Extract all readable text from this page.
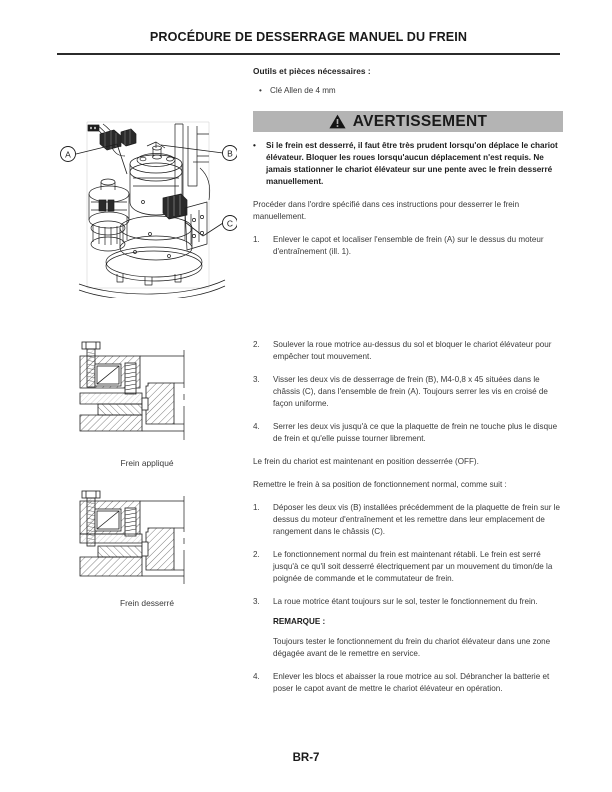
PROCÉDURE DE DESSERRAGE MANUEL DU FREIN
A	B
C
Frein appliqué
Frein desserré
Outils et pièces nécessaires :
•	Clé Allen de 4 mm
AVERTISSEMENT
•	Si le frein est desserré, il faut être très prudent lorsqu'on déplace le chariot élévateur. Bloquer les roues lorsqu'aucun déplacement n'est requis. Ne jamais stationner le chariot élévateur sur une pente avec le frein desserré manuellement.
Procéder dans l'ordre spécifié dans ces instructions pour desserrer le frein manuellement.
1.	Enlever le capot et localiser l'ensemble de frein (A) sur le dessus du moteur d'entraînement (ill. 1).
2.	Soulever la roue motrice au-dessus du sol et bloquer le chariot élévateur pour empêcher tout mouvement.
3.	Visser les deux vis de desserrage de frein (B), M4-0,8 x 45 situées dans le châssis (C), dans l'ensemble de frein (A). Toujours serrer les vis en croisé de façon uniforme.
4.	Serrer les deux vis jusqu'à ce que la plaquette de frein ne touche plus le disque de frein et qu'elle puisse tourner librement.
Le frein du chariot est maintenant en position desserrée (OFF).
Remettre le frein à sa position de fonctionnement normal, comme suit :
1.	Déposer les deux vis (B) installées précédemment de la plaquette de frein sur le dessus du moteur d'entraînement et les remettre dans leur emplacement de rangement dans le châssis (C).
2.	Le fonctionnement normal du frein est maintenant rétabli. Le frein est serré jusqu'à ce qu'il soit desserré électriquement par un mouvement du timon/de la poignée de commande et le commutateur de frein.
3.	La roue motrice étant toujours sur le sol, tester le fonctionnement du frein.
REMARQUE :
Toujours tester le fonctionnement du frein du chariot élévateur dans une zone dégagée avant de le remettre en service.
4.	Enlever les blocs et abaisser la roue motrice au sol. Débrancher la batterie et poser le capot avant de mettre le chariot élévateur en opération.
BR-7
